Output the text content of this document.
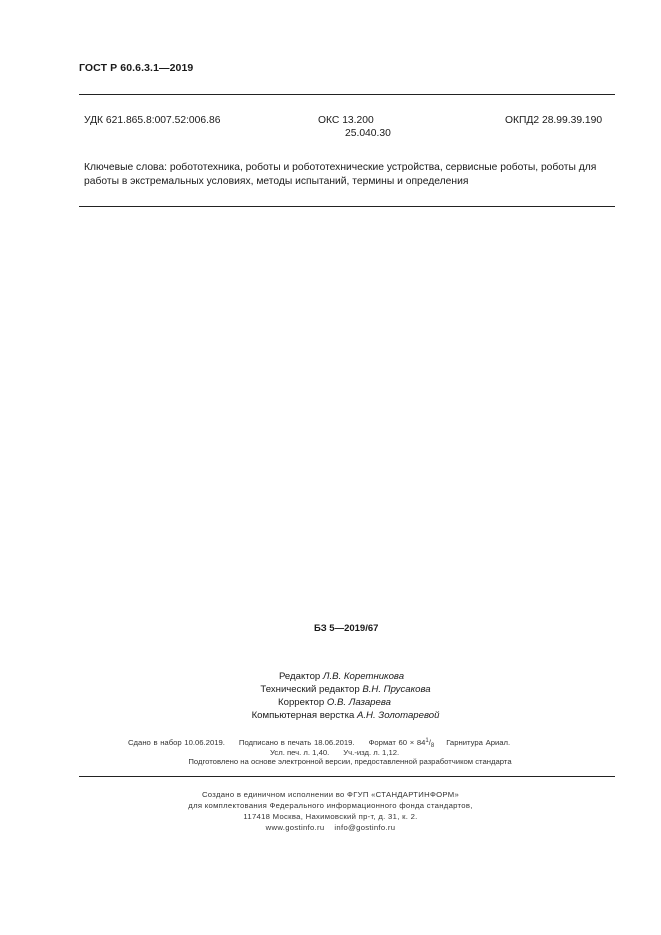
ГОСТ Р 60.6.3.1—2019
УДК 621.865.8:007.52:006.86	ОКС 13.200
25.040.30
ОКПД2 28.99.39.190
Ключевые слова: робототехника, роботы и робототехнические устройства, сервисные роботы, роботы для работы в экстремальных условиях, методы испытаний, термины и определения
БЗ 5—2019/67
Редактор Л.В. Коретникова
Технический редактор В.Н. Прусакова
Корректор О.В. Лазарева
Компьютерная верстка А.Н. Золотаревой
Сдано в набор 10.06.2019. Подписано в печать 18.06.2019. Формат $60 \times 84^1/_8$ Гарнитура Ариал.
Усл. печ. л. 1,40. Уч.-изд. л. 1,12.
Подготовлено на основе электронной версии, предоставленной разработчиком стандарта
Создано в единичном исполнении во ФГУП «СТАНДАРТИНФОРМ»
для комплектования Федерального информационного фонда стандартов,
117418 Москва, Нахимовский пр-т, д. 31, к. 2.
www.gostinfo.ru info@gostinfo.ru
